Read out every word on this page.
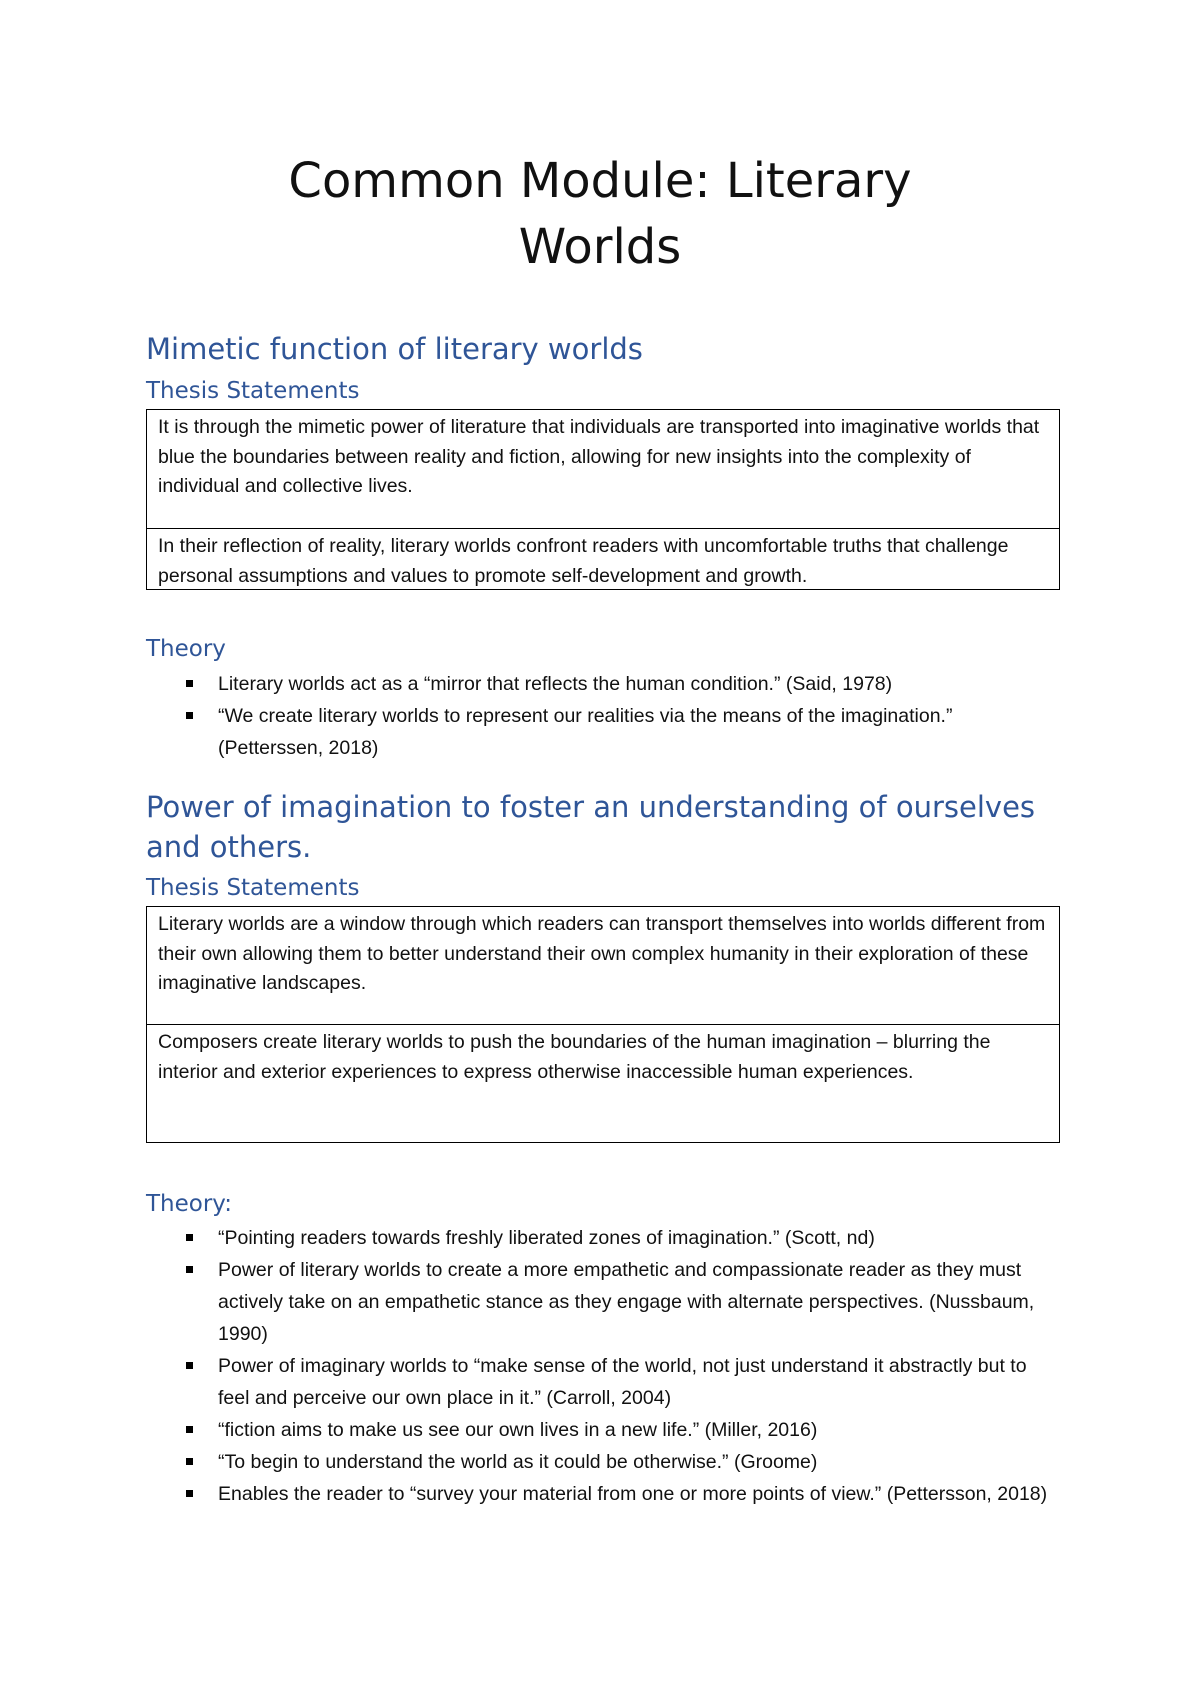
Common Module: Literary Worlds
Mimetic function of literary worlds
Thesis Statements
It is through the mimetic power of literature that individuals are transported into imaginative worlds that blue the boundaries between reality and fiction, allowing for new insights into the complexity of individual and collective lives.
In their reflection of reality, literary worlds confront readers with uncomfortable truths that challenge personal assumptions and values to promote self-development and growth.
Theory
Literary worlds act as a “mirror that reflects the human condition.” (Said, 1978)
“We create literary worlds to represent our realities via the means of the imagination.” (Petterssen, 2018)
Power of imagination to foster an understanding of ourselves and others.
Thesis Statements
Literary worlds are a window through which readers can transport themselves into worlds different from their own allowing them to better understand their own complex humanity in their exploration of these imaginative landscapes.
Composers create literary worlds to push the boundaries of the human imagination – blurring the interior and exterior experiences to express otherwise inaccessible human experiences.
Theory:
“Pointing readers towards freshly liberated zones of imagination.” (Scott, nd)
Power of literary worlds to create a more empathetic and compassionate reader as they must actively take on an empathetic stance as they engage with alternate perspectives. (Nussbaum, 1990)
Power of imaginary worlds to “make sense of the world, not just understand it abstractly but to feel and perceive our own place in it.” (Carroll, 2004)
“fiction aims to make us see our own lives in a new life.” (Miller, 2016)
“To begin to understand the world as it could be otherwise.” (Groome)
Enables the reader to “survey your material from one or more points of view.” (Pettersson, 2018)
